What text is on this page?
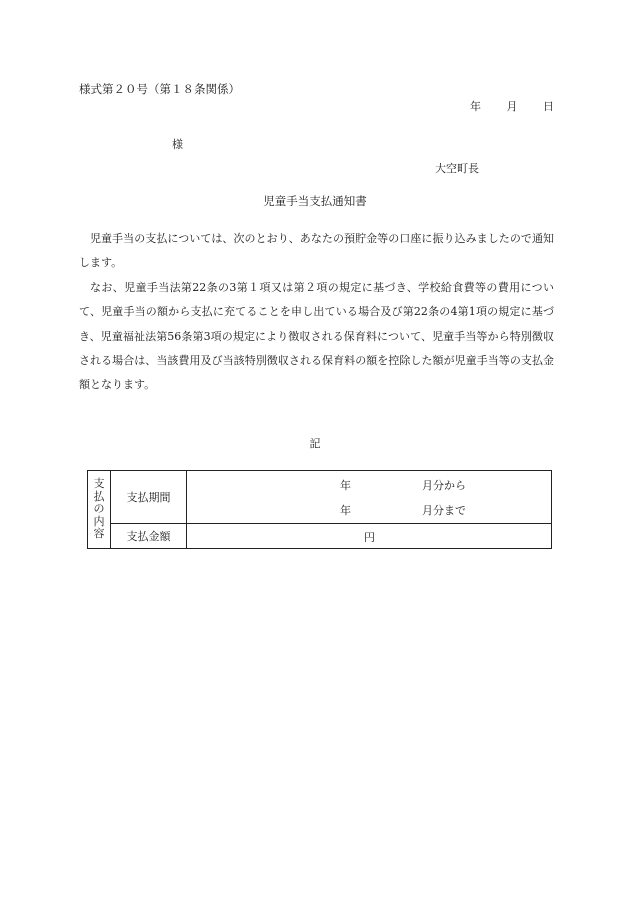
様式第２０号（第１８条関係）
年 月 日
様
大空町長
児童手当支払通知書

児童手当の支払については、次のとおり、あなたの預貯金等の口座に振り込みましたので通知します。

なお、児童手当法第22条の3第１項又は第２項の規定に基づき、学校給食費等の費用について、児童手当の額から支払に充てることを申し出ている場合及び第22条の4第1項の規定に基づき、児童福祉法第56条第3項の規定により徴収される保育料について、児童手当等から特別徴収される場合は、当該費用及び当該特別徴収される保育料の額を控除した額が児童手当等の支払金額となります。

記
支払の内容	支払期間	年 月分から
年 月分まで

	支払金額	円
